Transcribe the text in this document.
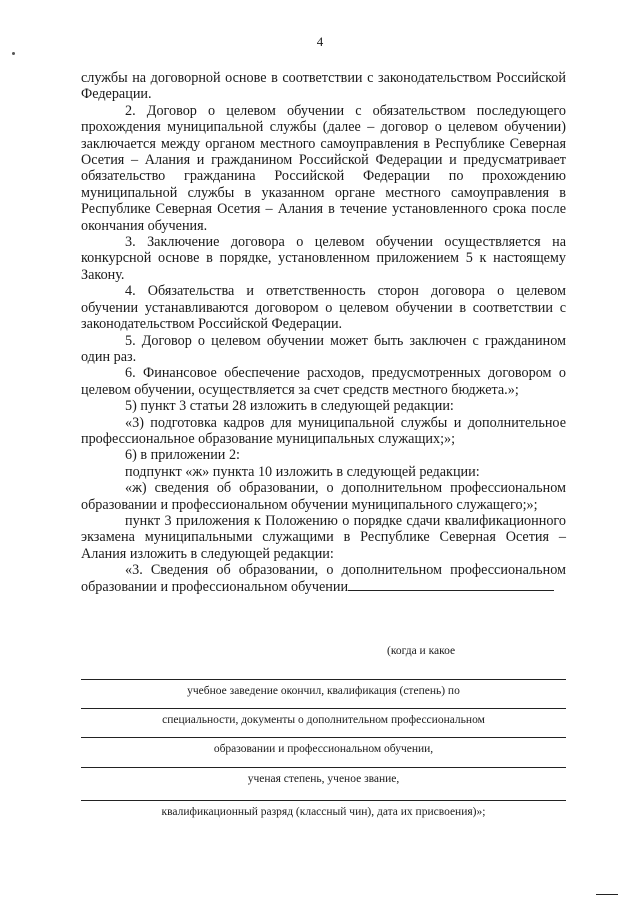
4

службы на договорной основе в соответствии с законодательством Российской Федерации.

2. Договор о целевом обучении с обязательством последующего прохождения муниципальной службы (далее – договор о целевом обучении) заключается между органом местного самоуправления в Республике Северная Осетия – Алания и гражданином Российской Федерации и предусматривает обязательство гражданина Российской Федерации по прохождению муниципальной службы в указанном органе местного самоуправления в Республике Северная Осетия – Алания в течение установленного срока после окончания обучения.

3. Заключение договора о целевом обучении осуществляется на конкурсной основе в порядке, установленном приложением 5 к настоящему Закону.

4. Обязательства и ответственность сторон договора о целевом обучении устанавливаются договором о целевом обучении в соответствии с законодательством Российской Федерации.

5. Договор о целевом обучении может быть заключен с гражданином один раз.

6. Финансовое обеспечение расходов, предусмотренных договором о целевом обучении, осуществляется за счет средств местного бюджета.»;

5) пункт 3 статьи 28 изложить в следующей редакции:

«3) подготовка кадров для муниципальной службы и дополнительное профессиональное образование муниципальных служащих;»;

6) в приложении 2:

подпункт «ж» пункта 10 изложить в следующей редакции:

«ж) сведения об образовании, о дополнительном профессиональном образовании и профессиональном обучении муниципального служащего;»;

пункт 3 приложения к Положению о порядке сдачи квалификационного экзамена муниципальными служащими в Республике Северная Осетия – Алания изложить в следующей редакции:

«3. Сведения об образовании, о дополнительном профессиональном образовании и профессиональном обучении

(когда и какое
учебное заведение окончил, квалификация (степень) по
специальности, документы о дополнительном профессиональном
образовании и профессиональном обучении,
ученая степень, ученое звание,
квалификационный разряд (классный чин), дата их присвоения)»;
